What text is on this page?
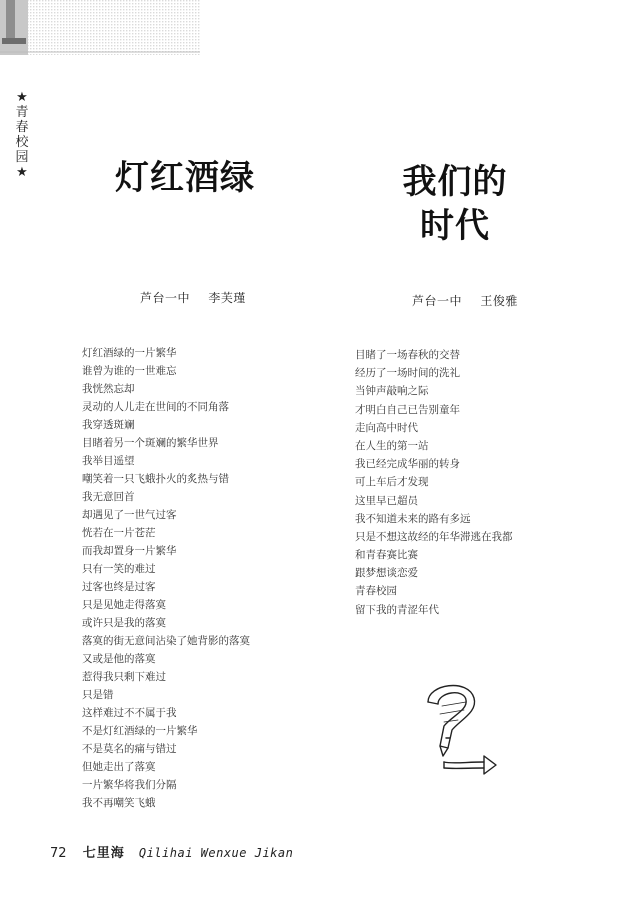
★
青
春
校
园
★	灯红酒绿
芦台一中 李芙瑾
灯红酒绿的一片繁华
谁曾为谁的一世难忘
我恍然忘却
灵动的人儿走在世间的不同角落
我穿透斑斓
目睹着另一个斑斓的繁华世界
我举目遥望
嘲笑着一只飞蛾扑火的炙热与错
我无意回首
却遇见了一世气过客
恍若在一片苍茫
而我却置身一片繁华
只有一笑的难过
过客也终是过客
只是见她走得落寞
或许只是我的落寞
落寞的街无意间沾染了她背影的落寞
又或是他的落寞
惹得我只剩下难过
只是错
这样难过不不属于我
不是灯红酒绿的一片繁华
不是莫名的痛与错过
但她走出了落寞
一片繁华将我们分隔
我不再嘲笑飞蛾
我们的
时代
芦台一中 王俊雅
目睹了一场春秋的交替
经历了一场时间的洗礼
当钟声敲响之际
才明白自己已告别童年
走向高中时代
在人生的第一站
我已经完成华丽的转身
可上车后才发现
这里早已超员
我不知道未来的路有多远
只是不想这故经的年华滞逃在我都
和青春赛比赛
跟梦想谈恋爱
青春校园
留下我的青涩年代
72 七里海 Qilihai Wenxue Jikan
